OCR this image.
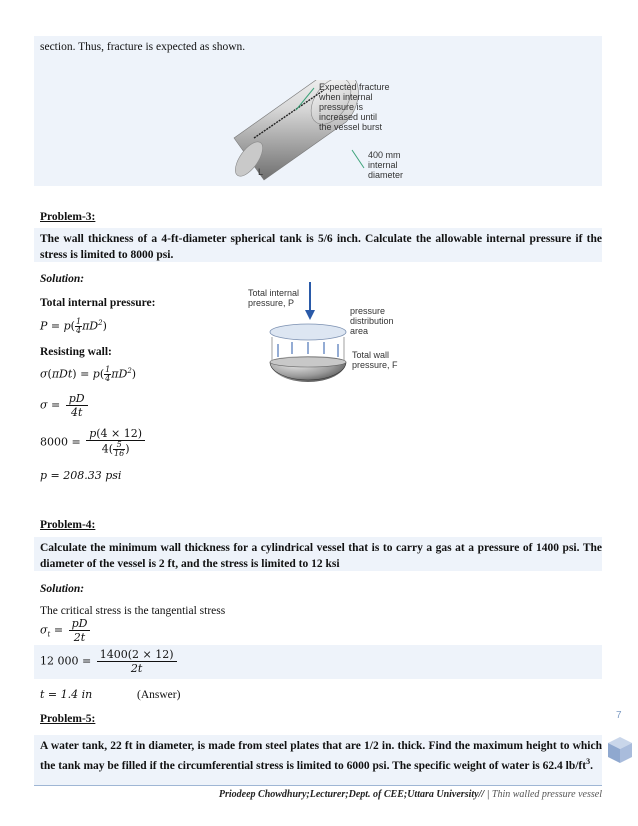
section. Thus, fracture is expected as shown.
Expected fracture
when internal
pressure is
increased until
the vessel burst
400 mm
internal
diameter
L
Problem-3:
The wall thickness of a 4-ft-diameter spherical tank is 5/6 inch. Calculate the allowable internal pressure if the stress is limited to 8000 psi.
Solution:
Total internal pressure:
$P = p( \frac{1}{4} \pi D^2)$
Resisting wall:
$\sigma(\pi Dt) = p( \frac{1}{4} \pi D^2)$
$\sigma = \frac{pD}{4t}$
$8000 = \frac{p(4 \times 12)}{4( \frac{5}{16} )}$
p = 208.33 psi
Total internal
pressure, P
pressure
distribution
area
Total wall
pressure, F
Problem-4:
Calculate the minimum wall thickness for a cylindrical vessel that is to carry a gas at a pressure of 1400 psi. The diameter of the vessel is 2 ft, and the stress is limited to 12 ksi
Solution:
The critical stress is the tangential stress
$\sigma_t = \frac{pD}{2t}$
12 $000 = \frac{1400(2 \times 12)}{2t}$
t = 1.4 in	(Answer)
Problem-5:
A water tank, 22 ft in diameter, is made from steel plates that are 1/2 in. thick. Find the maximum height to which the tank may be filled if the circumferential stress is limited to 6000 psi. The specific weight of water is 62.4 $lb/ft^3$.
7
Priodeep Chowdhury;Lecturer;Dept. of CEE;Uttara University// | Thin walled pressure vessel
